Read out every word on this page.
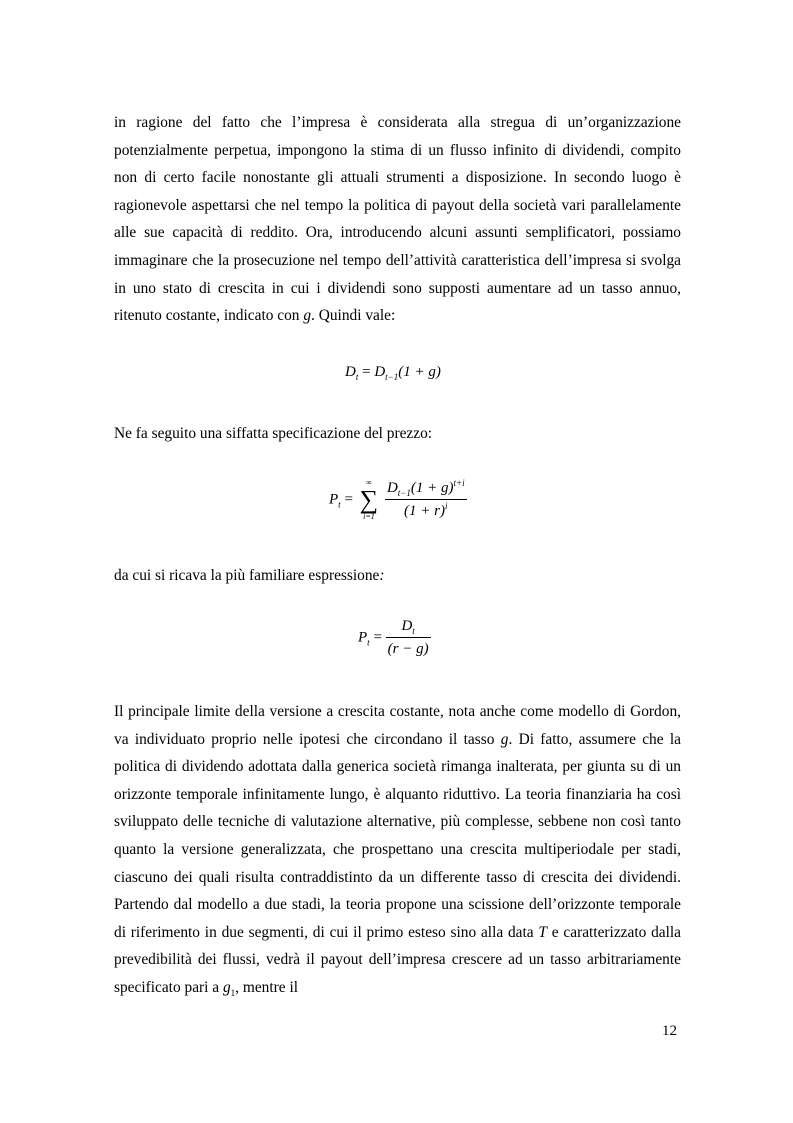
in ragione del fatto che l’impresa è considerata alla stregua di un’organizzazione potenzialmente perpetua, impongono la stima di un flusso infinito di dividendi, compito non di certo facile nonostante gli attuali strumenti a disposizione. In secondo luogo è ragionevole aspettarsi che nel tempo la politica di payout della società vari parallelamente alle sue capacità di reddito. Ora, introducendo alcuni assunti semplificatori, possiamo immaginare che la prosecuzione nel tempo dell’attività caratteristica dell’impresa si svolga in uno stato di crescita in cui i dividendi sono supposti aumentare ad un tasso annuo, ritenuto costante, indicato con g. Quindi vale:

$D_t = D_{t-1}(1 + g)$

Ne fa seguito una siffatta specificazione del prezzo:

$P_t$ =
∞
∑
i=1
$\frac{D_{t-1}(1 + g)^{t+i}}{(1 + r)^i}$

da cui si ricava la più familiare espressione:

$P_t = \frac{D_t}{(r - g)}$

Il principale limite della versione a crescita costante, nota anche come modello di Gordon, va individuato proprio nelle ipotesi che circondano il tasso g. Di fatto, assumere che la politica di dividendo adottata dalla generica società rimanga inalterata, per giunta su di un orizzonte temporale infinitamente lungo, è alquanto riduttivo. La teoria finanziaria ha così sviluppato delle tecniche di valutazione alternative, più complesse, sebbene non così tanto quanto la versione generalizzata, che prospettano una crescita multiperiodale per stadi, ciascuno dei quali risulta contraddistinto da un differente tasso di crescita dei dividendi. Partendo dal modello a due stadi, la teoria propone una scissione dell’orizzonte temporale di riferimento in due segmenti, di cui il primo esteso sino alla data T e caratterizzato dalla prevedibilità dei flussi, vedrà il payout dell’impresa crescere ad un tasso arbitrariamente specificato pari a $g_1$, mentre il

12
